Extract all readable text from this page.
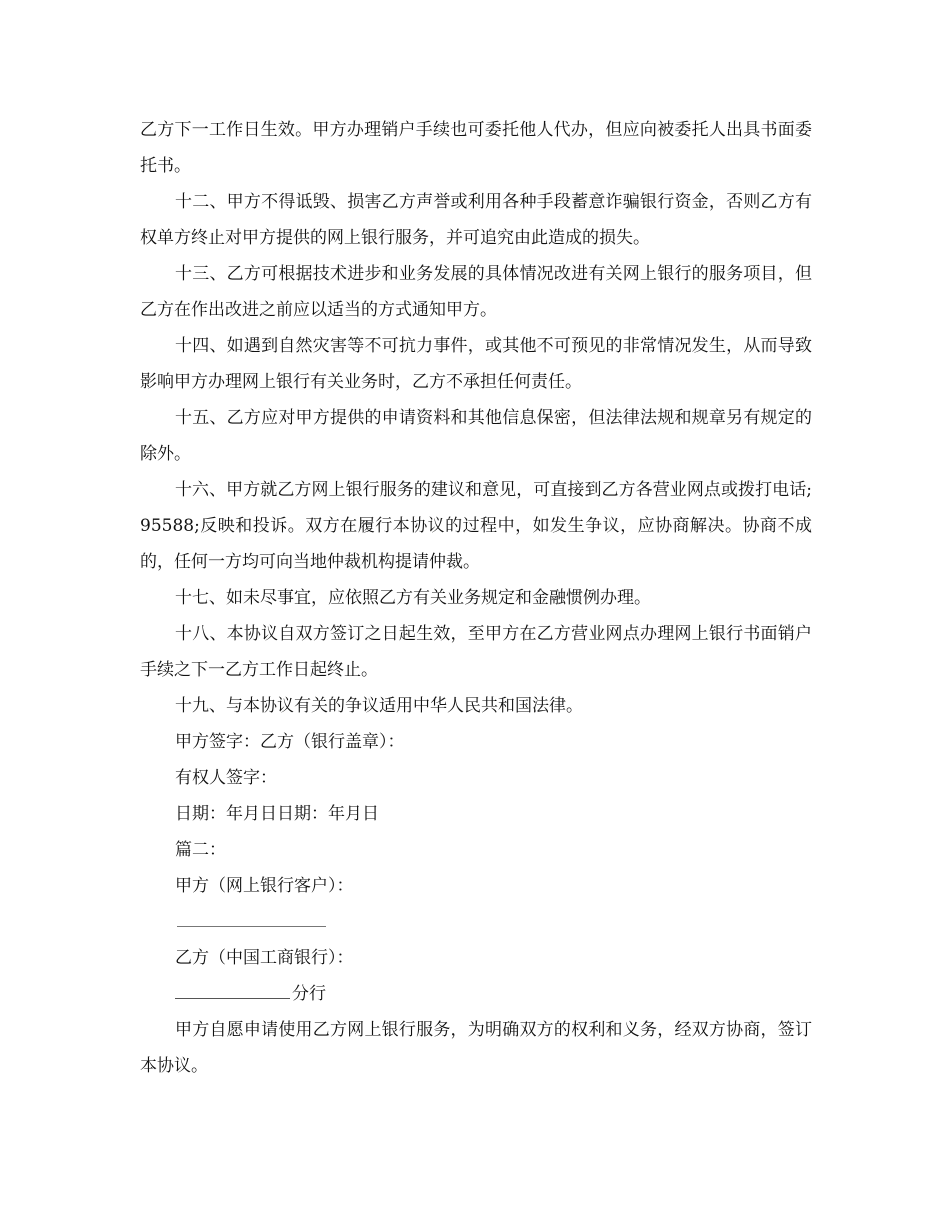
乙方下一工作日生效。甲方办理销户手续也可委托他人代办，但应向被委托人出具书面委托书。

十二、甲方不得诋毁、损害乙方声誉或利用各种手段蓄意诈骗银行资金，否则乙方有权单方终止对甲方提供的网上银行服务，并可追究由此造成的损失。

十三、乙方可根据技术进步和业务发展的具体情况改进有关网上银行的服务项目，但乙方在作出改进之前应以适当的方式通知甲方。

十四、如遇到自然灾害等不可抗力事件，或其他不可预见的非常情况发生，从而导致影响甲方办理网上银行有关业务时，乙方不承担任何责任。

十五、乙方应对甲方提供的申请资料和其他信息保密，但法律法规和规章另有规定的除外。

十六、甲方就乙方网上银行服务的建议和意见，可直接到乙方各营业网点或拨打电话;95588;反映和投诉。双方在履行本协议的过程中，如发生争议，应协商解决。协商不成的，任何一方均可向当地仲裁机构提请仲裁。

十七、如未尽事宜，应依照乙方有关业务规定和金融惯例办理。

十八、本协议自双方签订之日起生效，至甲方在乙方营业网点办理网上银行书面销户手续之下一乙方工作日起终止。

十九、与本协议有关的争议适用中华人民共和国法律。

甲方签字：乙方（银行盖章）：
有权人签字：
日期：年月日日期：年月日
篇二：
甲方（网上银行客户）：
乙方（中国工商银行）：
分行

甲方自愿申请使用乙方网上银行服务，为明确双方的权利和义务，经双方协商，签订本协议。
